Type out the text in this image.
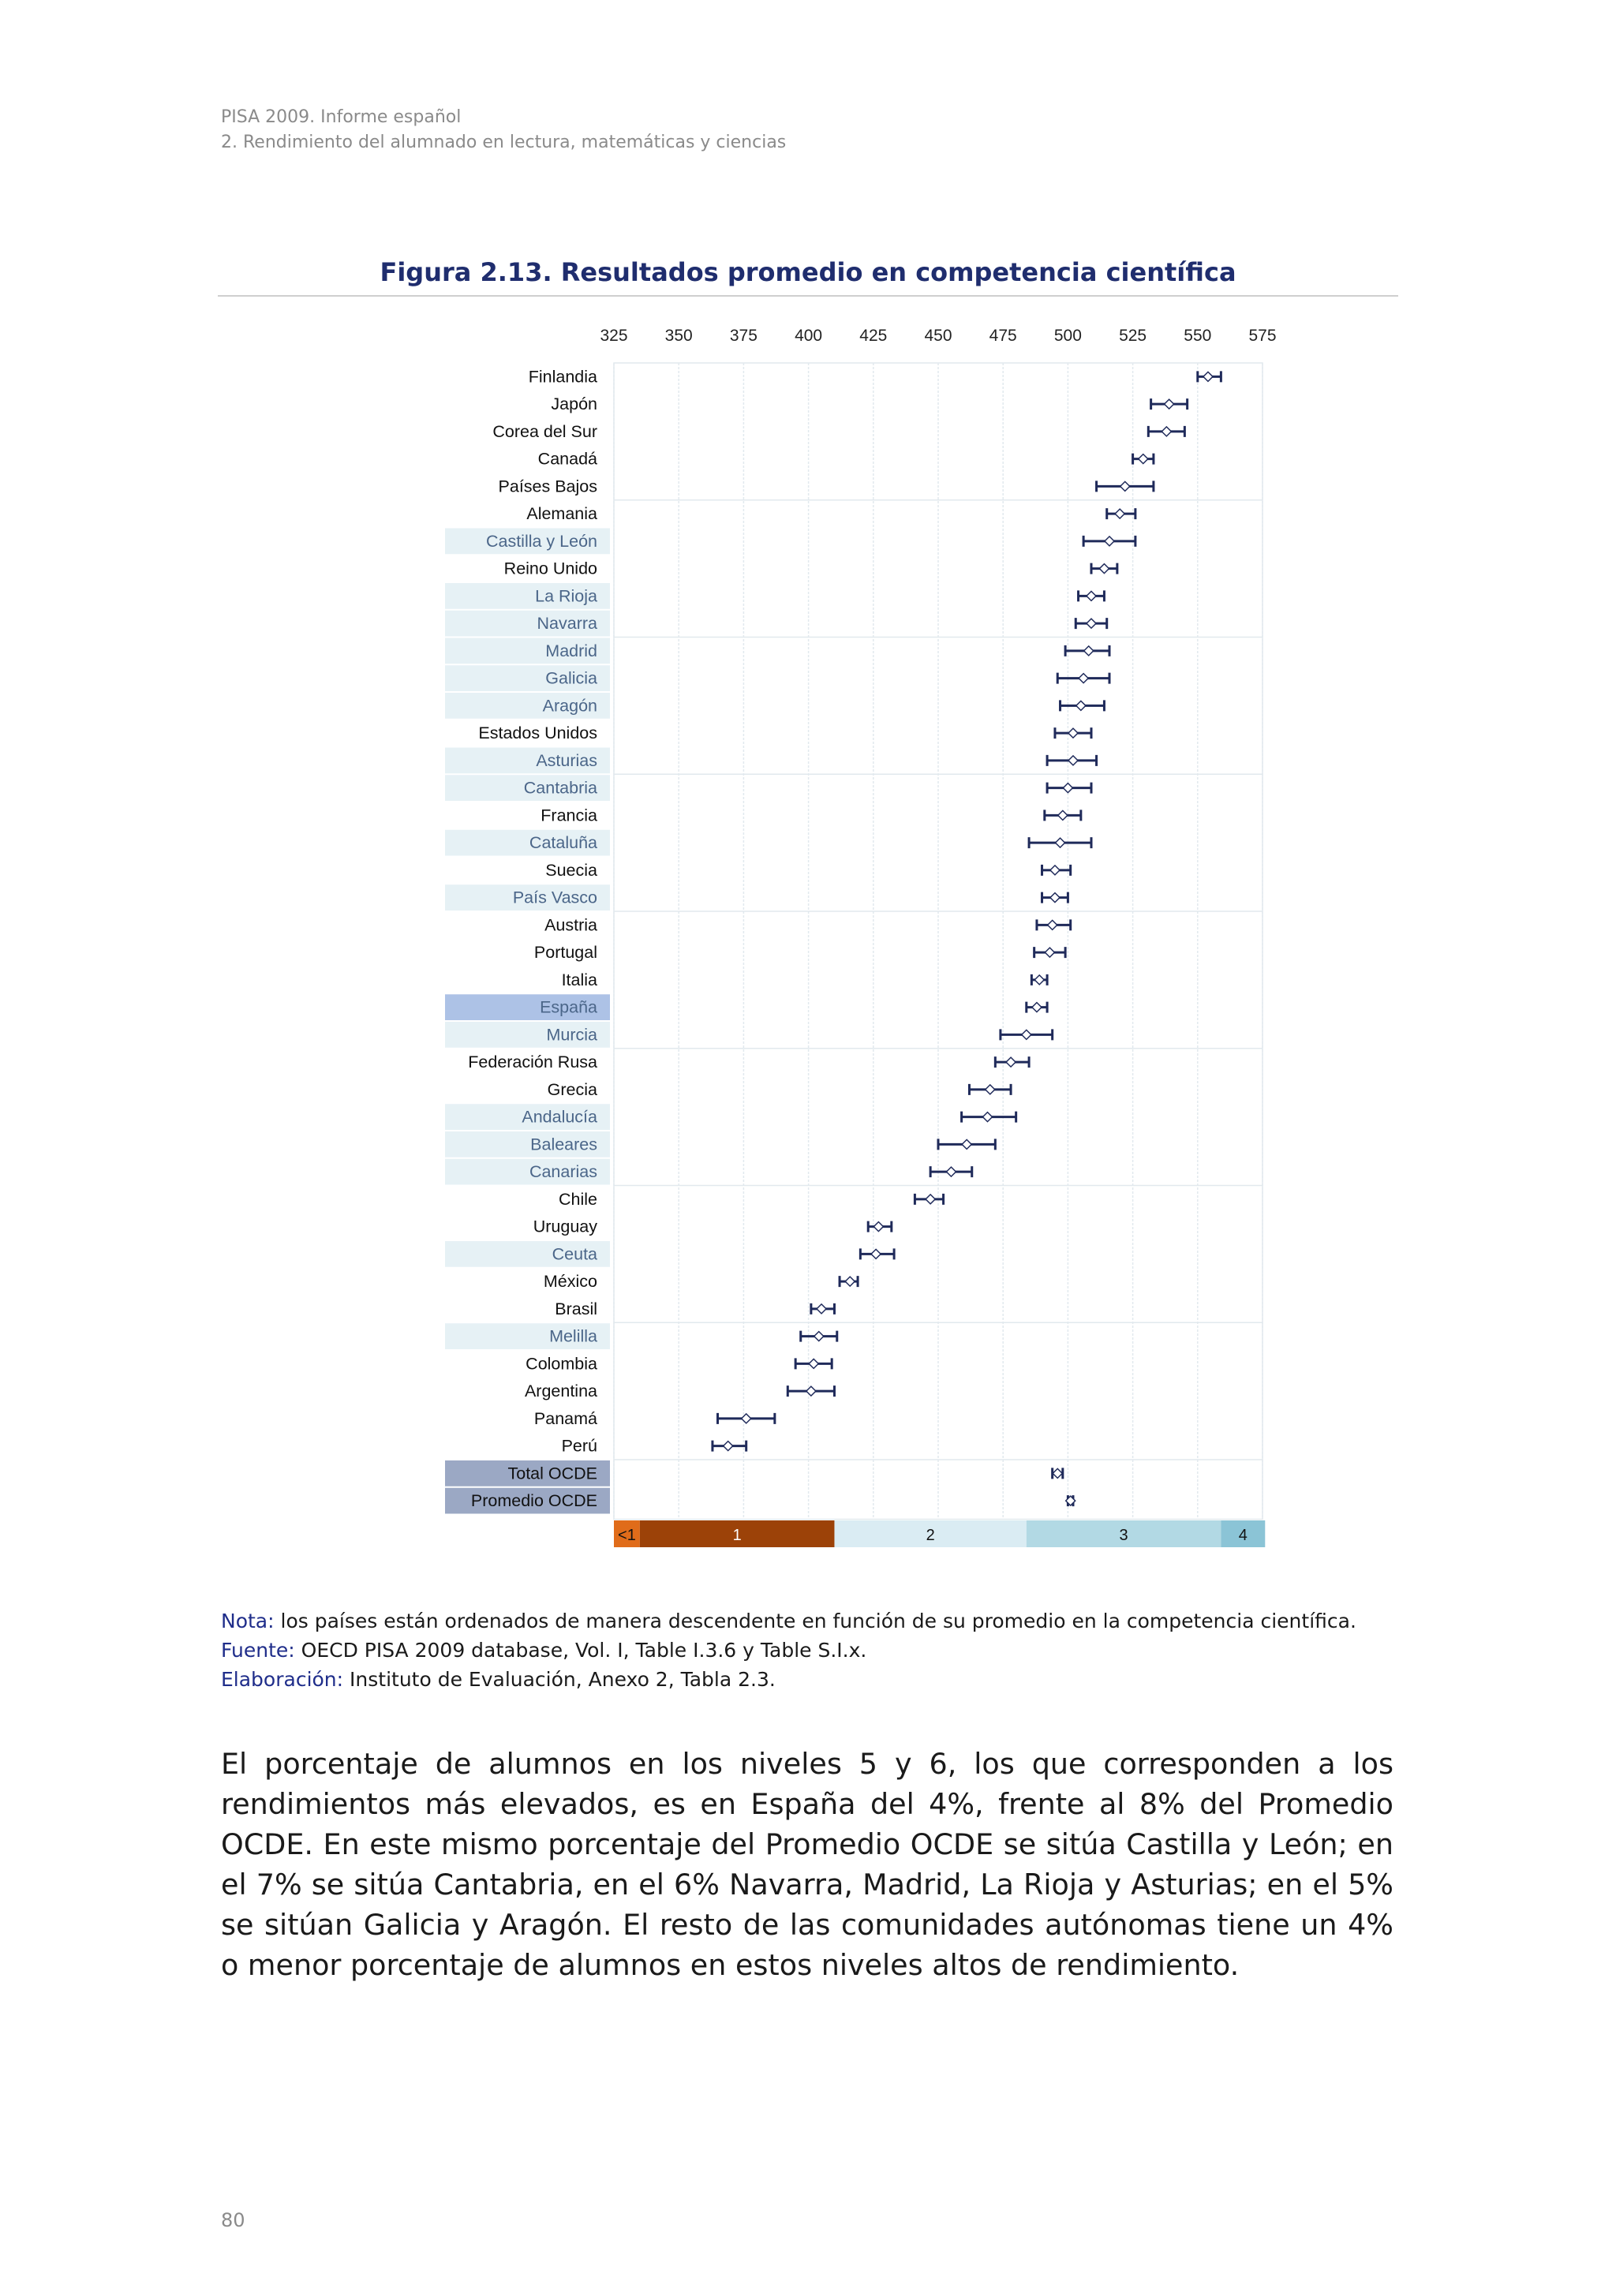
PISA 2009. Informe español
2. Rendimiento del alumnado en lectura, matemáticas y ciencias
Figura 2.13. Resultados promedio en competencia científica
325 350 375 400 425 450 475 500 525 550 575
Finlandia
Japón
Corea del Sur
Canadá
Países Bajos
Alemania
Castilla y León
Reino Unido
La Rioja
Navarra
Madrid
Galicia
Aragón
Estados Unidos
Asturias
Cantabria
Francia
Cataluña
Suecia
País Vasco
Austria
Portugal
Italia
España
Murcia
Federación Rusa
Grecia
Andalucía
Baleares
Canarias
Chile
Uruguay
Ceuta
México
Brasil
Melilla
Colombia
Argentina
Panamá
Perú
Total OCDE
Promedio OCDE
<1	1	2	3	4
Nota: los países están ordenados de manera descendente en función de su promedio en la competencia científica.
Fuente: OECD PISA 2009 database, Vol. I, Table I.3.6 y Table S.I.x.
Elaboración: Instituto de Evaluación, Anexo 2, Tabla 2.3.
El porcentaje de alumnos en los niveles 5 y 6, los que corresponden a los rendimientos más elevados, es en España del 4%, frente al 8% del Promedio OCDE. En este mismo porcentaje del Promedio OCDE se sitúa Castilla y León; en el 7% se sitúa Cantabria, en el 6% Navarra, Madrid, La Rioja y Asturias; en el 5% se sitúan Galicia y Aragón. El resto de las comunidades autónomas tiene un 4% o menor porcentaje de alumnos en estos niveles altos de rendimiento.
80
